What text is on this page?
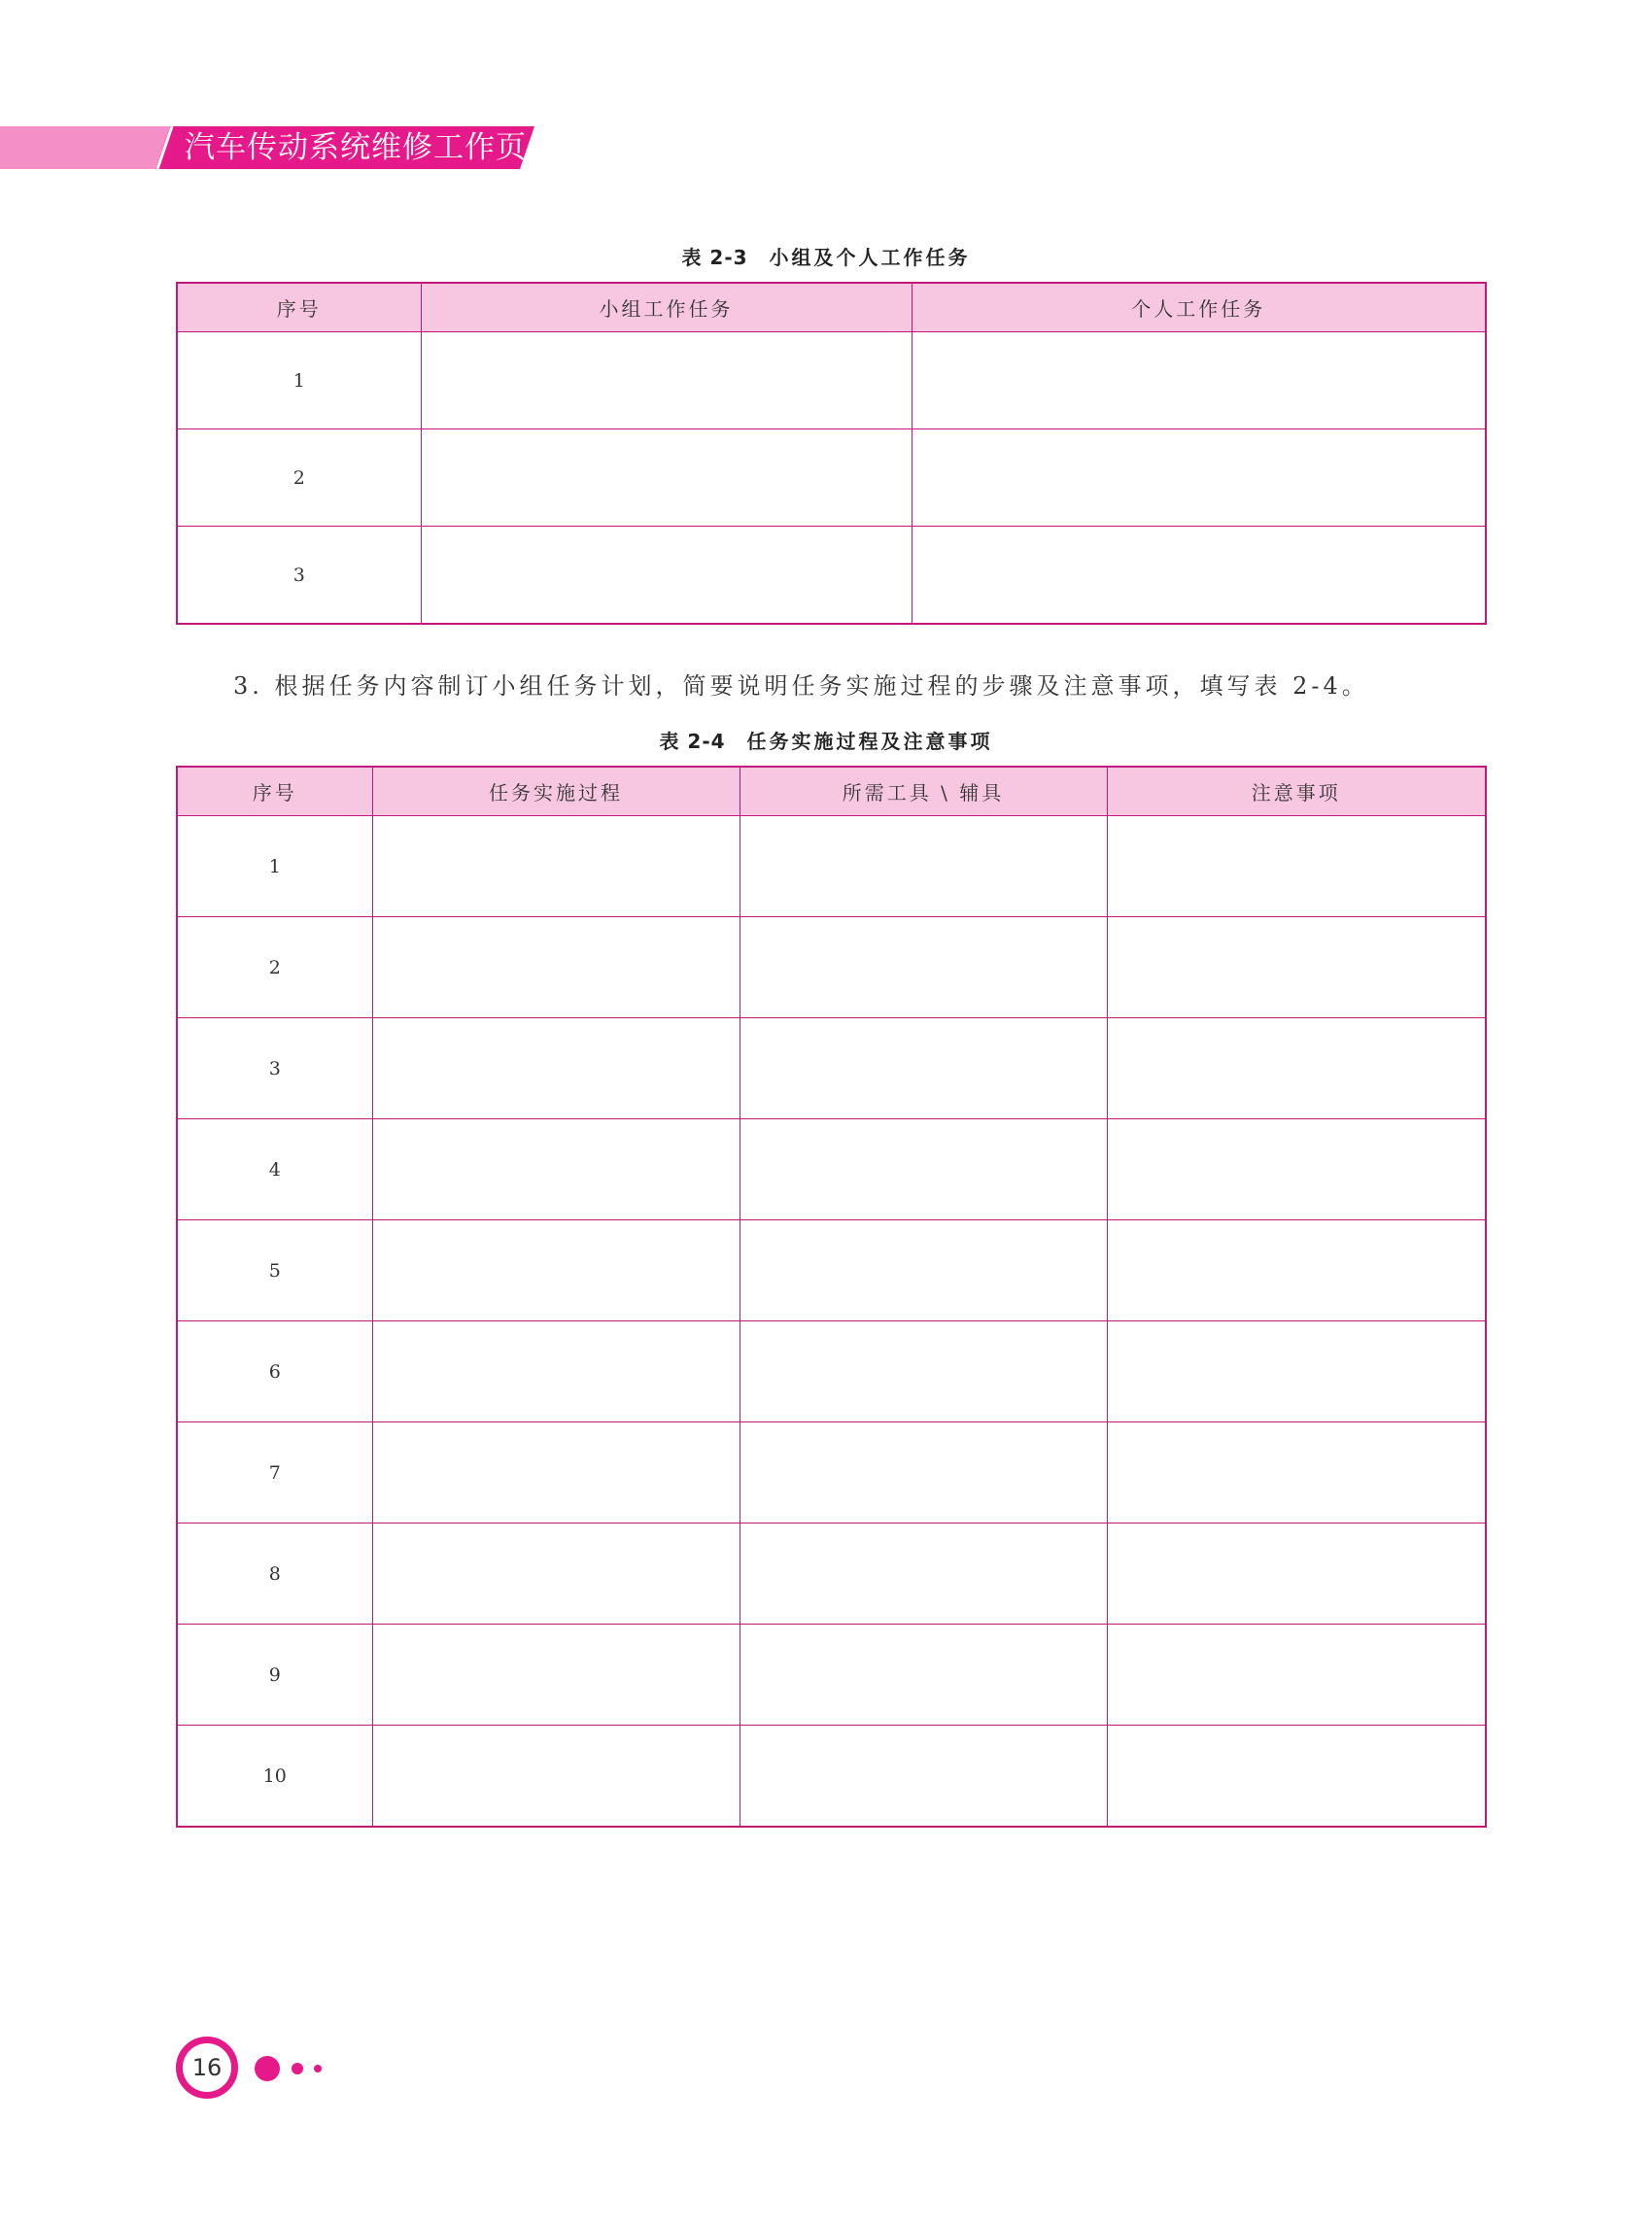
汽车传动系统维修工作页
表 2-3 小组及个人工作任务
序号	小组工作任务	个人工作任务
1		
2		
3		
3. 根据任务内容制订小组任务计划，简要说明任务实施过程的步骤及注意事项，填写表 2-4。
表 2-4 任务实施过程及注意事项
序号	任务实施过程	所需工具 \ 辅具	注意事项
1			
2			
3			
4			
5			
6			
7			
8			
9			
10			
16
